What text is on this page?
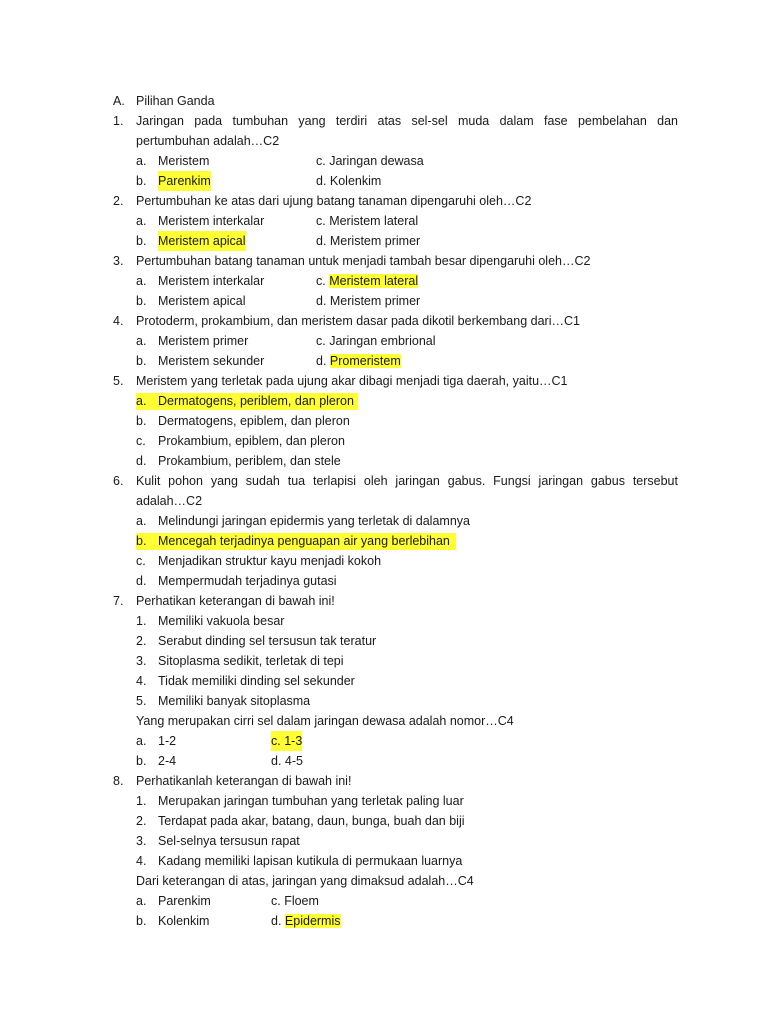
A. Pilihan Ganda
1. Jaringan pada tumbuhan yang terdiri atas sel-sel muda dalam fase pembelahan dan
pertumbuhan adalah…C2
a. Meristem	c. Jaringan dewasa
b. Parenkim	d. Kolenkim
2. Pertumbuhan ke atas dari ujung batang tanaman dipengaruhi oleh…C2
a. Meristem interkalar	c. Meristem lateral
b. Meristem apical	d. Meristem primer
3. Pertumbuhan batang tanaman untuk menjadi tambah besar dipengaruhi oleh…C2
a. Meristem interkalar	c. Meristem lateral
b. Meristem apical	d. Meristem primer
4. Protoderm, prokambium, dan meristem dasar pada dikotil berkembang dari…C1
a. Meristem primer	c. Jaringan embrional
b. Meristem sekunder	d. Promeristem
5. Meristem yang terletak pada ujung akar dibagi menjadi tiga daerah, yaitu…C1
a. Dermatogens, periblem, dan pleron
b. Dermatogens, epiblem, dan pleron
c. Prokambium, epiblem, dan pleron
d. Prokambium, periblem, dan stele
6. Kulit pohon yang sudah tua terlapisi oleh jaringan gabus. Fungsi jaringan gabus tersebut
adalah…C2
a. Melindungi jaringan epidermis yang terletak di dalamnya
b. Mencegah terjadinya penguapan air yang berlebihan
c. Menjadikan struktur kayu menjadi kokoh
d. Mempermudah terjadinya gutasi
7. Perhatikan keterangan di bawah ini!
1. Memiliki vakuola besar
2. Serabut dinding sel tersusun tak teratur
3. Sitoplasma sedikit, terletak di tepi
4. Tidak memiliki dinding sel sekunder
5. Memiliki banyak sitoplasma
Yang merupakan cirri sel dalam jaringan dewasa adalah nomor…C4
a. 1-2	c. 1-3
b. 2-4	d. 4-5
8. Perhatikanlah keterangan di bawah ini!
1. Merupakan jaringan tumbuhan yang terletak paling luar
2. Terdapat pada akar, batang, daun, bunga, buah dan biji
3. Sel-selnya tersusun rapat
4. Kadang memiliki lapisan kutikula di permukaan luarnya
Dari keterangan di atas, jaringan yang dimaksud adalah…C4
a. Parenkim	c. Floem
b. Kolenkim	d. Epidermis
